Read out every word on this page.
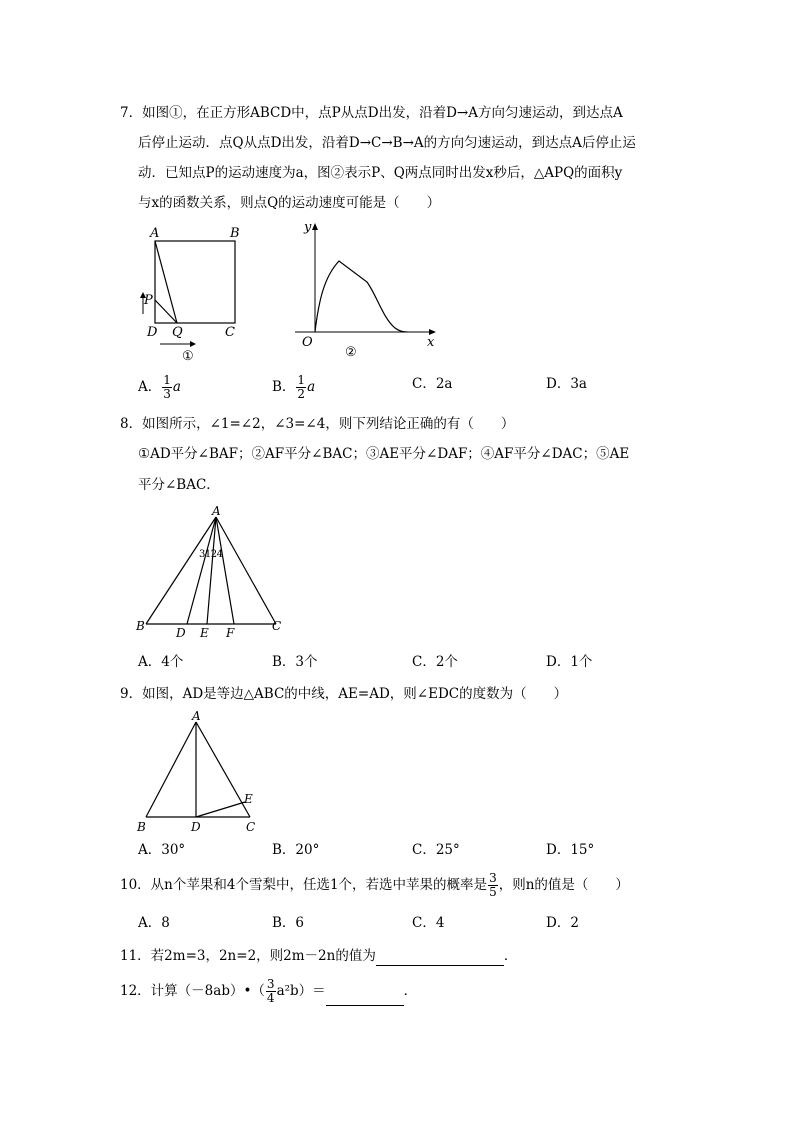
7．如图①，在正方形ABCD中，点P从点D出发，沿着D→A方向匀速运动，到达点A
后停止运动．点Q从点D出发，沿着D→C→B→A的方向匀速运动，到达点A后停止运
动．已知点P的运动速度为a，图②表示P、Q两点同时出发x秒后，△APQ的面积y
与x的函数关系，则点Q的运动速度可能是（　　）
A	B
C
D
P
Q
①
y
x
O
②
A． $\frac{1}{3}$ a	B． $\frac{1}{2}$ a	C．2a	D．3a
8．如图所示，∠1=∠2，∠3=∠4，则下列结论正确的有（　　）
①AD平分∠BAF；②AF平分∠BAC；③AE平分∠DAF；④AF平分∠DAC；⑤AE
平分∠BAC．
A
B	C
D E F
3124
A．4个	B．3个	C．2个	D．1个
9．如图，AD是等边△ABC的中线，AE=AD，则∠EDC的度数为（　　）
A
B	D	C
E
A．30°	B．20°	C．25°	D．15°
10．从n个苹果和4个雪梨中，任选1个，若选中苹果的概率是 $\frac{3}{5}$ ，则n的值是（　　）
A．8	B．6	C．4	D．2
11．若2m=3，2n=2，则2m－2n的值为	．
12．计算（－8ab）•（ $\frac{3}{4} a^2b)=$	．
